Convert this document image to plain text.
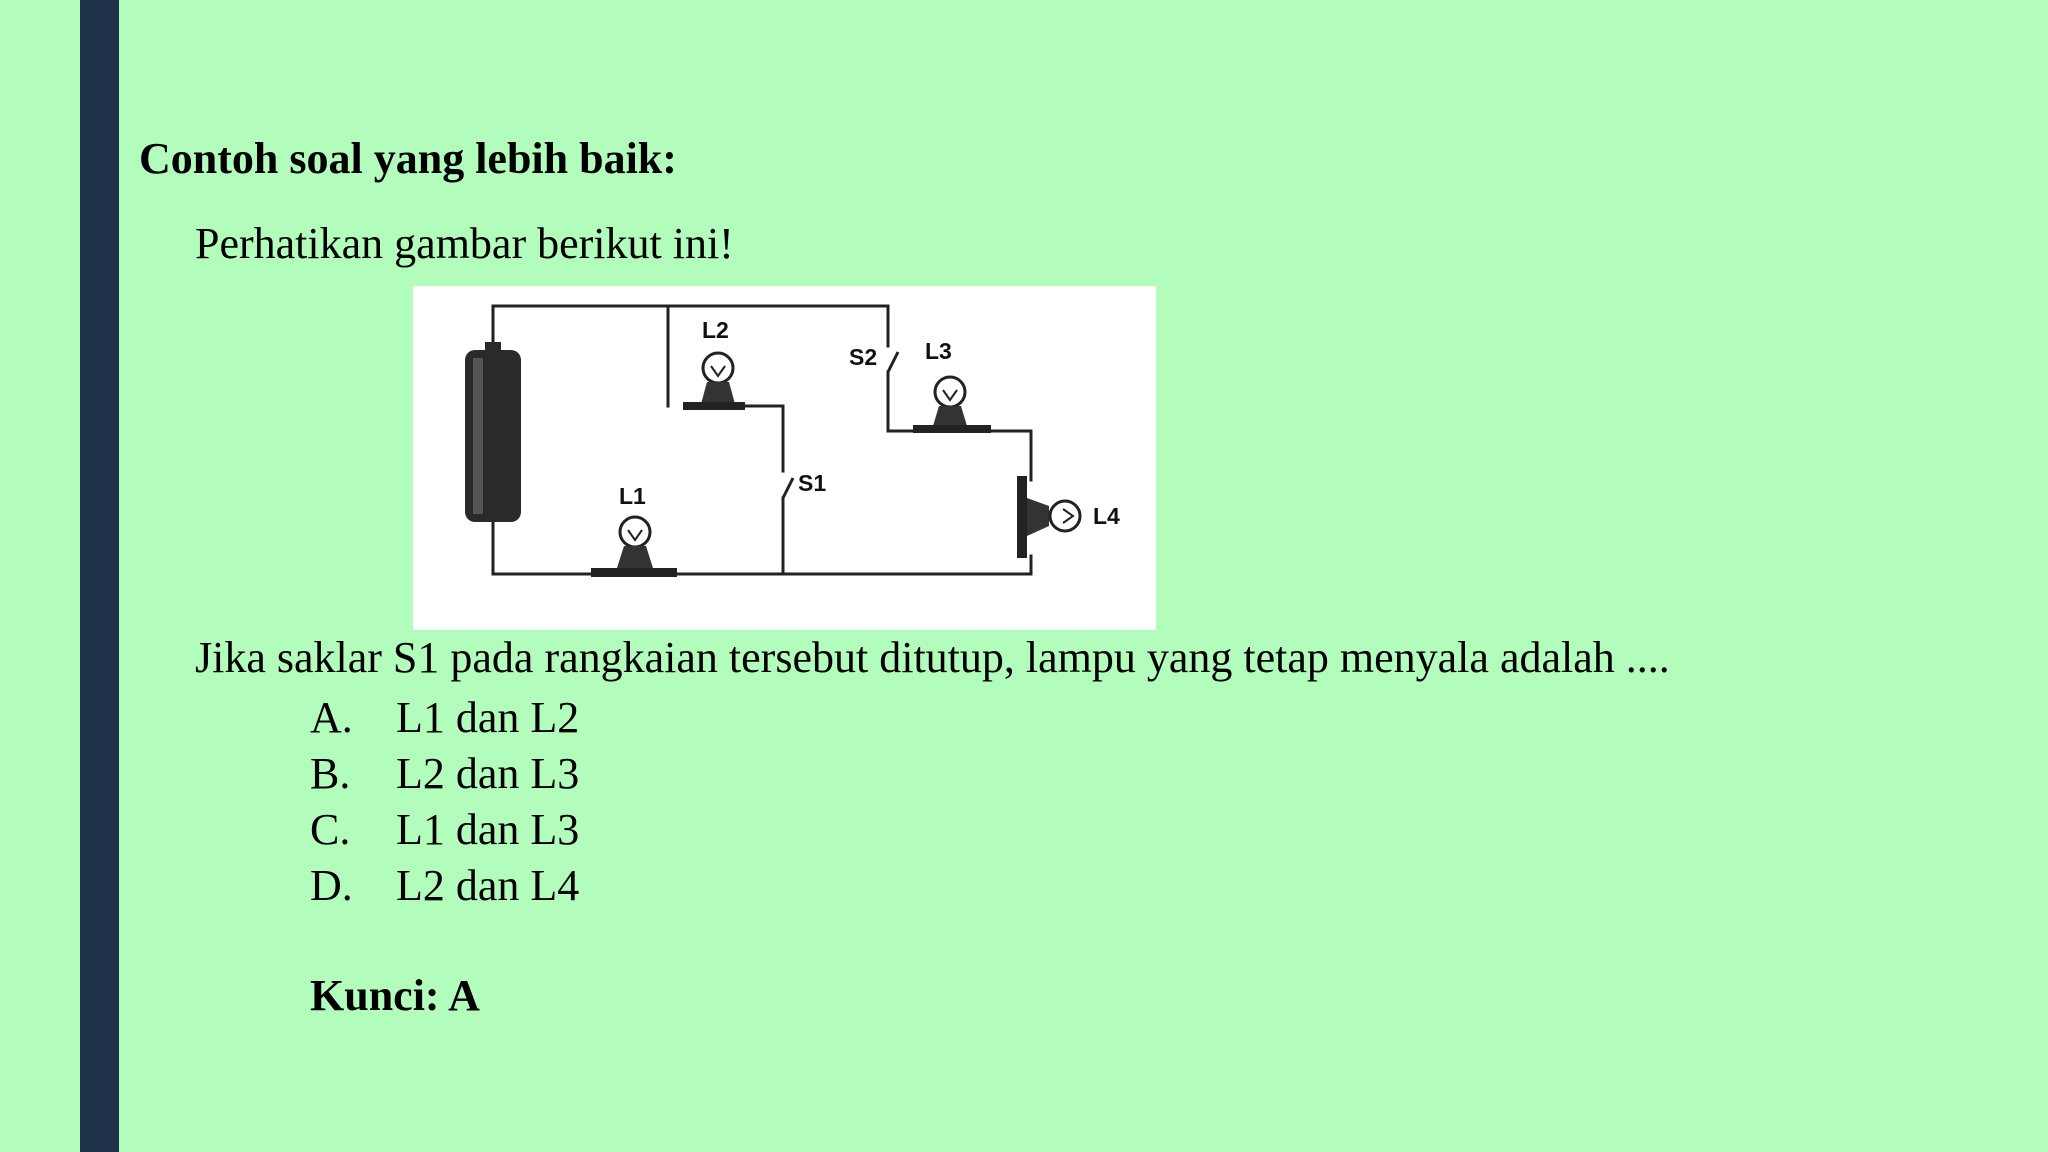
Contoh soal yang lebih baik:
Perhatikan gambar berikut ini!
L2
L3
S2
S1
L1
L4
Jika saklar S1 pada rangkaian tersebut ditutup, lampu yang tetap menyala adalah ....
A. L1 dan L2
B. L2 dan L3
C. L1 dan L3
D. L2 dan L4
Kunci: A
